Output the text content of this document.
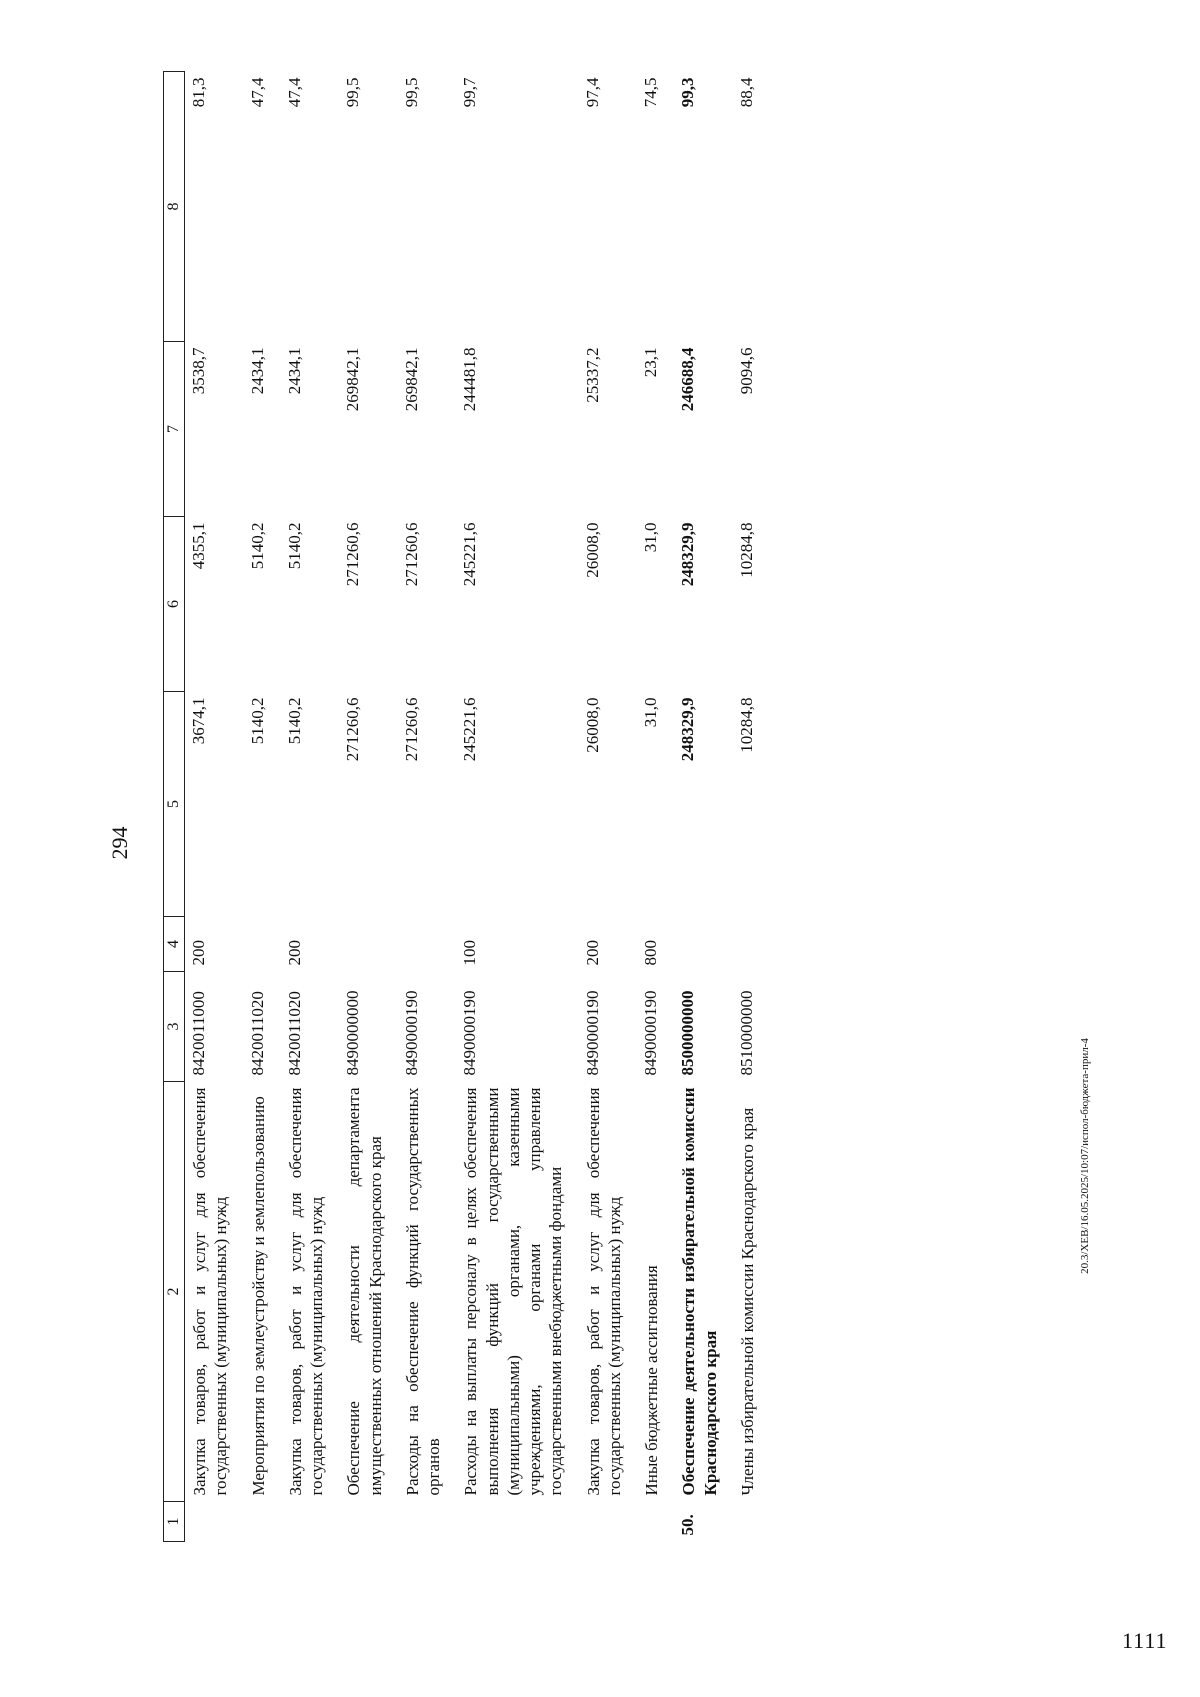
294
1	2	3	4	5	6	7	8
	Закупка товаров, работ и услуг для обеспечения государственных (муниципальных) нужд	8420011000	200	3674,1	4355,1	3538,7	81,3
	Мероприятия по землеустройству и землепользованию	8420011020		5140,2	5140,2	2434,1	47,4
	Закупка товаров, работ и услуг для обеспечения государственных (муниципальных) нужд	8420011020	200	5140,2	5140,2	2434,1	47,4
	Обеспечение деятельности департамента имущественных отношений Краснодарского края	8490000000		271260,6	271260,6	269842,1	99,5
	Расходы на обеспечение функций государственных органов	8490000190		271260,6	271260,6	269842,1	99,5
	Расходы на выплаты персоналу в целях обеспечения выполнения функций государственными (муниципальными) органами, казенными учреждениями, органами управления государственными внебюджетными фондами	8490000190	100	245221,6	245221,6	244481,8	99,7
	Закупка товаров, работ и услуг для обеспечения государственных (муниципальных) нужд	8490000190	200	26008,0	26008,0	25337,2	97,4
	Иные бюджетные ассигнования	8490000190	800	31,0	31,0	23,1	74,5
50.	Обеспечение деятельности избирательной комиссии Краснодарского края	8500000000		248329,9	248329,9	246688,4	99,3
	Члены избирательной комиссии Краснодарского края	8510000000		10284,8	10284,8	9094,6	88,4
20.3/XEB/16.05.2025/10:07/испол-бюджета-прил-4
1111
